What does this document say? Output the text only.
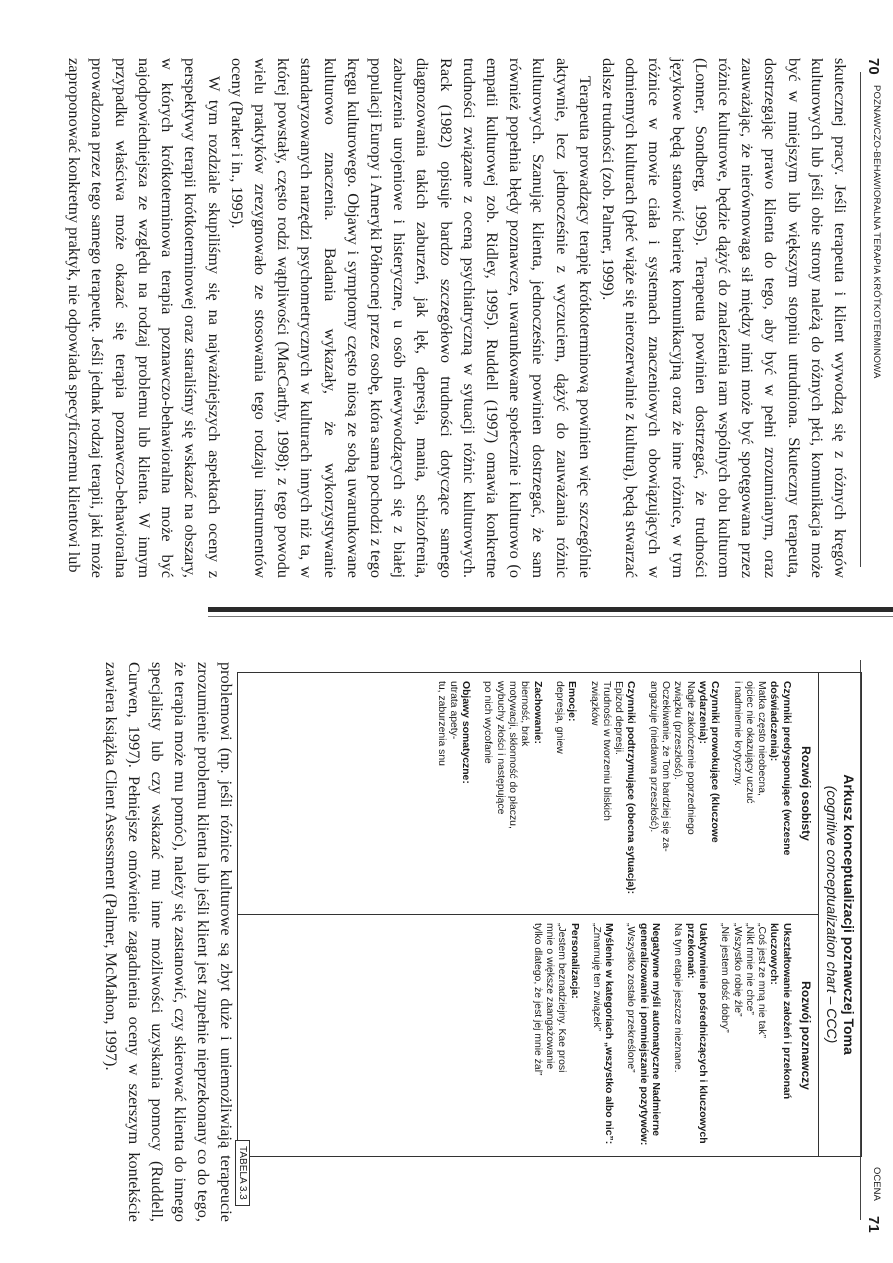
70
POZNAWCZO-BEHAWIORALNA TERAPIA KRÓTKOTERMINOWA

skutecznej pracy. Jeśli terapeuta i klient wywodzą się z różnych kręgów kulturowych lub jeśli obie strony należą do różnych płci, komunikacja może być w mniejszym lub większym stopniu utrudniona. Skuteczny terapeuta, dostrzegając prawo klienta do tego, aby być w pełni zrozumianym, oraz zauważając, że nierównowaga sił między nimi może być spotęgowana przez różnice kulturowe, będzie dążyć do znalezienia ram wspólnych obu kulturom (Lonner, Sondberg, 1995). Terapeuta powinien dostrzegać, że trudności językowe będą stanowić barierę komunikacyjną oraz że inne różnice, w tym różnice w mowie ciała i systemach znaczeniowych obowiązujących w odmiennych kulturach (płeć wiąże się nierozerwalnie z kulturą), będą stwarzać dalsze trudności (zob. Palmer, 1999).

Terapeuta prowadzący terapię krótkoterminową powinien więc szczególnie aktywnie, lecz jednocześnie z wyczuciem, dążyć do zauważania różnic kulturowych. Szanując klienta, jednocześnie powinien dostrzegać, że sam również popełnia błędy poznawcze, uwarunkowane społecznie i kulturowo (o empatii kulturowej zob. Ridley, 1995). Ruddell (1997) omawia konkretne trudności związane z oceną psychiatryczną w sytuacji różnic kulturowych. Rack (1982) opisuje bardzo szczegółowo trudności dotyczące samego diagnozowania takich zaburzeń, jak lęk, depresja, mania, schizofrenia, zaburzenia urojeniowe i histeryczne, u osób niewywodzących się z białej populacji Europy i Ameryki Północnej przez osobę, która sama pochodzi z tego kręgu kulturowego. Objawy i symptomy często niosą ze sobą uwarunkowane kulturowo znaczenia. Badania wykazały, że wykorzystywanie standaryzowanych narzędzi psychometrycznych w kulturach innych niż ta, w której powstały, często rodzi wątpliwości (MacCarthy, 1998); z tego powodu wielu praktyków zrezygnowało ze stosowania tego rodzaju instrumentów oceny (Parker i in., 1995).

W tym rozdziale skupiliśmy się na najważniejszych aspektach oceny z perspektywy terapii krótkoterminowej oraz staraliśmy się wskazać na obszary, w których krótkoterminowa terapia poznawczo-behawioralna może być najodpowiedniejsza ze względu na rodzaj problemu lub klienta. W innym przypadku właściwa może okazać się terapia poznawczo-behawioralna prowadzona przez tego samego terapeutę. Jeśli jednak rodzaj terapii, jaki może zaproponować konkretny praktyk, nie odpowiada specyficznemu klientowi lub

71
OCENA
Arkusz konceptualizacji poznawczej Toma
(cognitive conceptualization chart – CCC)
Rozwój osobisty
Czynniki predysponujące (wczesne doświadczenia):
Matka często nieobecna,
ojciec nie okazujący uczuć
i nadmiernie krytyczny.
Czynniki prowokujące (kluczowe wydarzenia):
Nagłe zakończenie poprzedniego
związku (przeszłość).
Oczekiwanie, że Tom bardziej się za-
angażuje (niedawna przeszłość).
Czynniki podtrzymujące (obecna sytuacja):
Epizod depresji.
Trudności w tworzeniu bliskich
związków
Emocje:
depresja, gniew
Zachowanie:
bierność, brak
motywacji, skłonność do płaczu,
wybuchy złości i następujące
po nich wycofanie
Objawy somatyczne:
utrata apety-
tu, zaburzenia snu
Rozwój poznawczy
Ukształtowanie założeń i przekonań kluczowych:
„Coś jest ze mną nie tak”
„Nikt mnie nie chce”
„Wszystko robię źle”
„Nie jestem dość dobry”
Uaktywnienie pośredniczących i kluczowych przekonań:
Na tym etapie jeszcze nieznane.
Negatywne myśli automatyczne Nadmierne generalizowanie i pomniejszanie pozytywów:
„Wszystko zostało przekreślone”
Myślenie w kategoriach „wszystko albo nic”:
„Zmarnuję ten związek”
Personalizacja:
„Jestem beznadziejny. Kae prosi
mnie o większe zaangażowanie
tylko dlatego, że jest jej mnie żal”
TABELA 3.3

problemowi (np. jeśli różnice kulturowe są zbyt duże i uniemożliwiają terapeucie zrozumienie problemu klienta lub jeśli klient jest zupełnie nieprzekonany co do tego, że terapia może mu pomóc), należy się zastanowić, czy skierować klienta do innego specjalisty lub czy wskazać mu inne możliwości uzyskania pomocy (Ruddell, Curwen, 1997). Pełniejsze omówienie zagadnienia oceny w szerszym kontekście zawiera książka Client Assessment (Palmer, McMahon, 1997).
